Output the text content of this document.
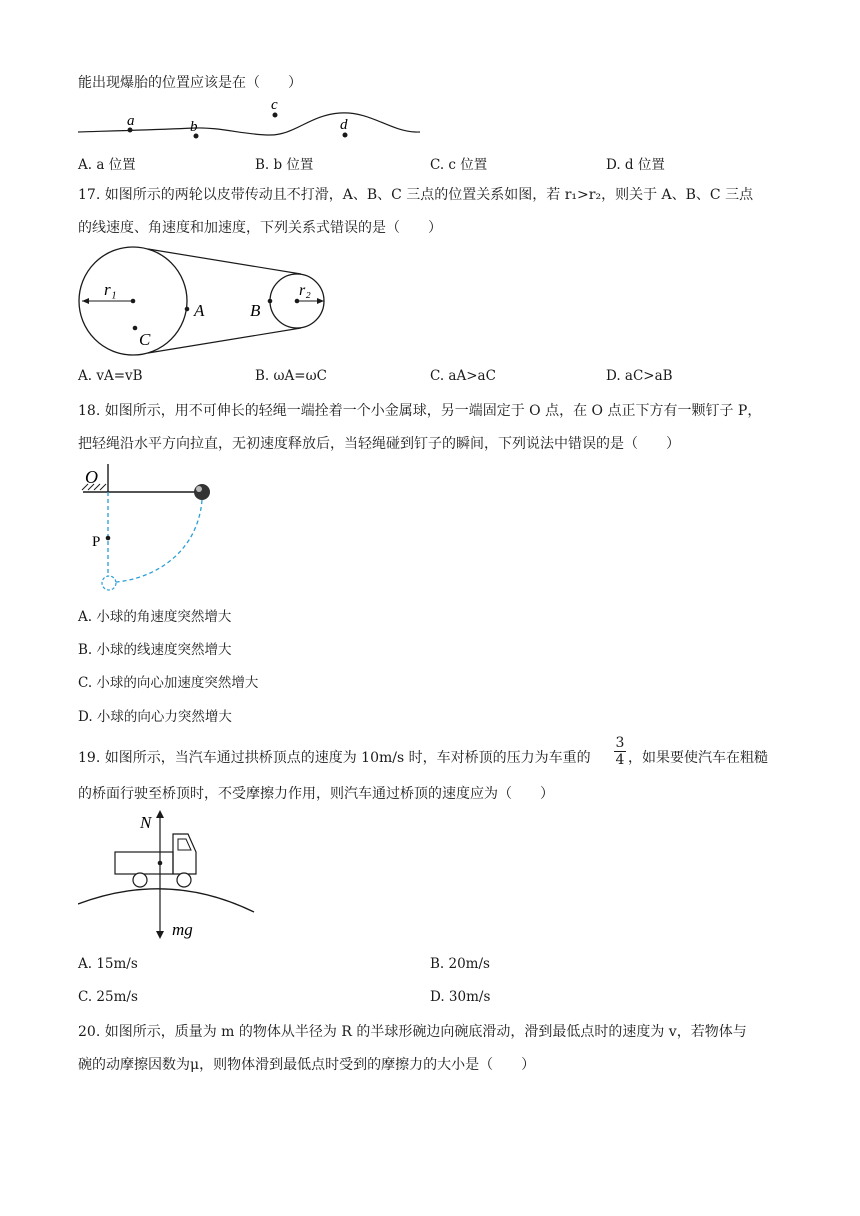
能出现爆胎的位置应该是在（　　）
a	b
c
d
A. a 位置	B. b 位置	C. c 位置	D. d 位置
17. 如图所示的两轮以皮带传动且不打滑，A、B、C 三点的位置关系如图，若 r₁>r₂，则关于 A、B、C 三点
的线速度、角速度和加速度，下列关系式错误的是（　　）
r₁	r₂
A	B
C
A. vA=vB	B. ωA=ωC	C. aA>aC	D. aC>aB
18. 如图所示，用不可伸长的轻绳一端拴着一个小金属球，另一端固定于 O 点，在 O 点正下方有一颗钉子 P，
把轻绳沿水平方向拉直，无初速度释放后，当轻绳碰到钉子的瞬间，下列说法中错误的是（　　）
O
P
A. 小球的角速度突然增大
B. 小球的线速度突然增大
C. 小球的向心加速度突然增大
D. 小球的向心力突然增大
19. 如图所示，当汽车通过拱桥顶点的速度为 10m/s 时，车对桥顶的压力为车重的 $\frac{3}{4}$ ，如果要使汽车在粗糙
的桥面行驶至桥顶时，不受摩擦力作用，则汽车通过桥顶的速度应为（　　）
N
mg
A. 15m/s	B. 20m/s
C. 25m/s	D. 30m/s
20. 如图所示，质量为 m 的物体从半径为 R 的半球形碗边向碗底滑动，滑到最低点时的速度为 v，若物体与
碗的动摩擦因数为μ，则物体滑到最低点时受到的摩擦力的大小是（　　）
